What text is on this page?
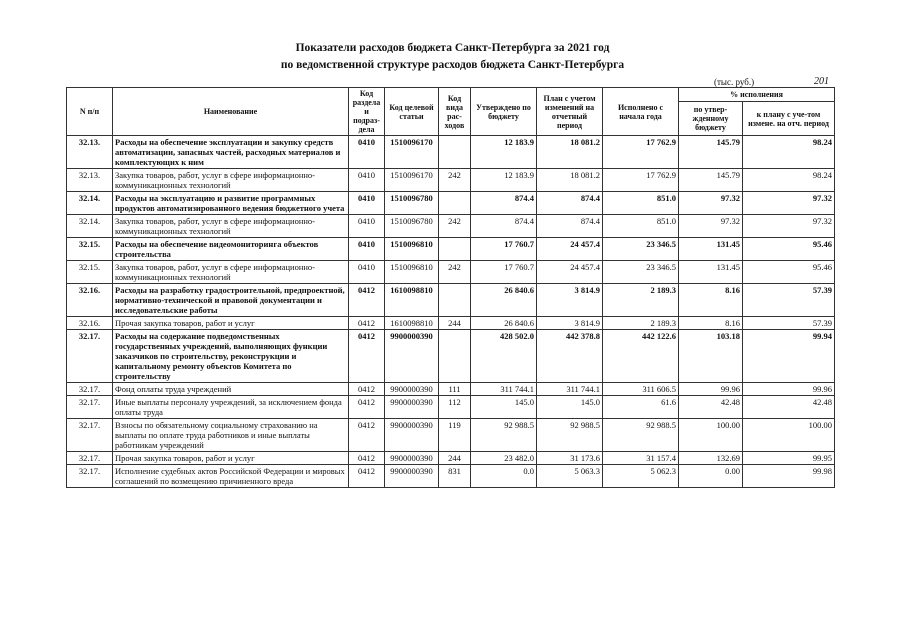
Показатели расходов бюджета Санкт-Петербурга за 2021 год
по ведомственной структуре расходов бюджета Санкт-Петербурга
(тыс. руб.)	201
N п/п	Наименование	Код раздела и подраз-дела	Код целевой статьи	Код вида рас-ходов	Утверждено по бюджету	План с учетом изменений на отчетный период	Исполнено с начала года	% исполнения	
								по утвер-жденному бюджету	к плану с уче-том измене. на отч. период
32.13.	Расходы на обеспечение эксплуатации и закупку средств автоматизации, запасных частей, расходных материалов и комплектующих к ним	0410	1510096170		12 183.9	18 081.2	17 762.9	145.79	98.24
32.13.	Закупка товаров, работ, услуг в сфере информационно-коммуникационных технологий	0410	1510096170	242	12 183.9	18 081.2	17 762.9	145.79	98.24
32.14.	Расходы на эксплуатацию и развитие программных продуктов автоматизированного ведения бюджетного учета	0410	1510096780		874.4	874.4	851.0	97.32	97.32
32.14.	Закупка товаров, работ, услуг в сфере информационно-коммуникационных технологий	0410	1510096780	242	874.4	874.4	851.0	97.32	97.32
32.15.	Расходы на обеспечение видеомониторинга объектов строительства	0410	1510096810		17 760.7	24 457.4	23 346.5	131.45	95.46
32.15.	Закупка товаров, работ, услуг в сфере информационно-коммуникационных технологий	0410	1510096810	242	17 760.7	24 457.4	23 346.5	131.45	95.46
32.16.	Расходы на разработку градостроительной, предпроектной, нормативно-технической и правовой документации и исследовательские работы	0412	1610098810		26 840.6	3 814.9	2 189.3	8.16	57.39
32.16.	Прочая закупка товаров, работ и услуг	0412	1610098810	244	26 840.6	3 814.9	2 189.3	8.16	57.39
32.17.	Расходы на содержание подведомственных государственных учреждений, выполняющих функции заказчиков по строительству, реконструкции и капитальному ремонту объектов Комитета по строительству	0412	9900000390		428 502.0	442 378.8	442 122.6	103.18	99.94
32.17.	Фонд оплаты труда учреждений	0412	9900000390	111	311 744.1	311 744.1	311 606.5	99.96	99.96
32.17.	Иные выплаты персоналу учреждений, за исключением фонда оплаты труда	0412	9900000390	112	145.0	145.0	61.6	42.48	42.48
32.17.	Взносы по обязательному социальному страхованию на выплаты по оплате труда работников и иные выплаты работникам учреждений	0412	9900000390	119	92 988.5	92 988.5	92 988.5	100.00	100.00
32.17.	Прочая закупка товаров, работ и услуг	0412	9900000390	244	23 482.0	31 173.6	31 157.4	132.69	99.95
32.17.	Исполнение судебных актов Российской Федерации и мировых соглашений по возмещению причиненного вреда	0412	9900000390	831	0.0	5 063.3	5 062.3	0.00	99.98
